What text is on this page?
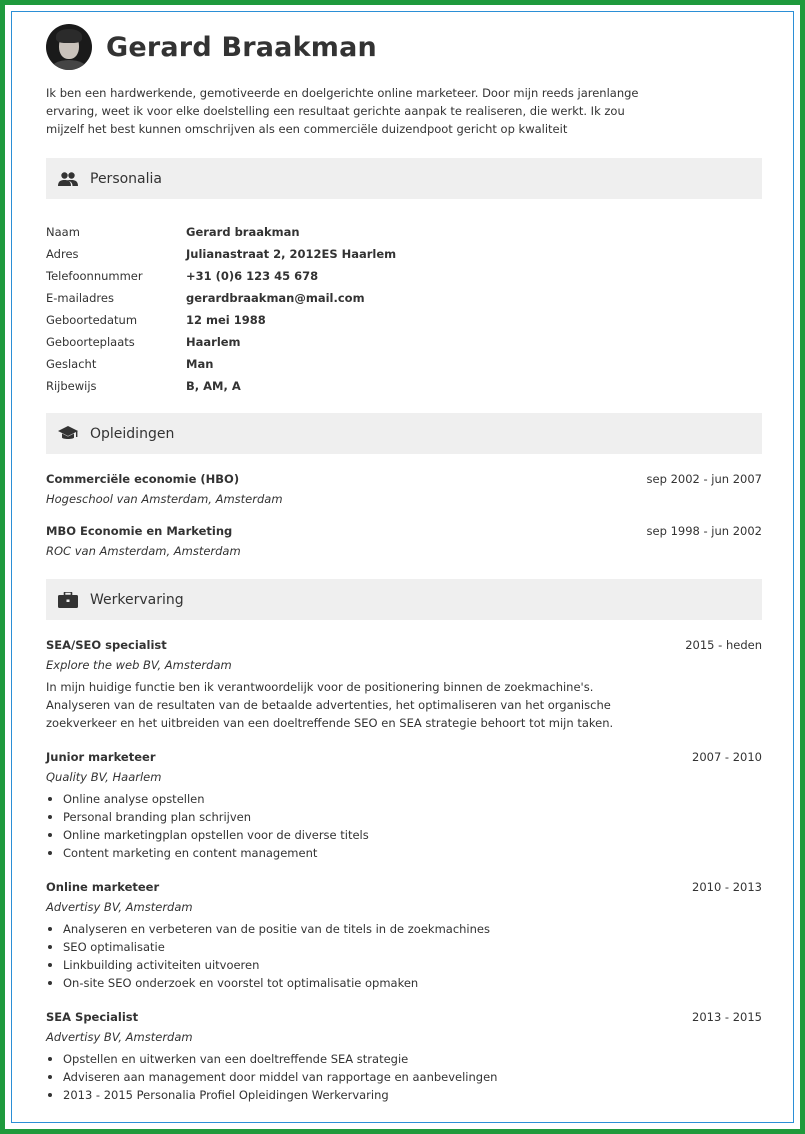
Gerard Braakman

Ik ben een hardwerkende, gemotiveerde en doelgerichte online marketeer. Door mijn reeds jarenlange ervaring, weet ik voor elke doelstelling een resultaat gerichte aanpak te realiseren, die werkt. Ik zou mijzelf het best kunnen omschrijven als een commerciële duizendpoot gericht op kwaliteit

Personalia
Naam	Gerard braakman
Adres	Julianastraat 2, 2012ES Haarlem
Telefoonnummer	+31 (0)6 123 45 678
E-mailadres	gerardbraakman@mail.com
Geboortedatum	12 mei 1988
Geboorteplaats	Haarlem
Geslacht	Man
Rijbewijs	B, AM, A
Opleidingen
Commerciële economie (HBO)	sep 2002 - jun 2007
Hogeschool van Amsterdam, Amsterdam
MBO Economie en Marketing	sep 1998 - jun 2002
ROC van Amsterdam, Amsterdam
Werkervaring
SEA/SEO specialist	2015 - heden
Explore the web BV, Amsterdam

In mijn huidige functie ben ik verantwoordelijk voor de positionering binnen de zoekmachine's. Analyseren van de resultaten van de betaalde advertenties, het optimaliseren van het organische zoekverkeer en het uitbreiden van een doeltreffende SEO en SEA strategie behoort tot mijn taken.

Junior marketeer	2007 - 2010
Quality BV, Haarlem
Online analyse opstellen
Personal branding plan schrijven
Online marketingplan opstellen voor de diverse titels
Content marketing en content management
Online marketeer	2010 - 2013
Advertisy BV, Amsterdam
Analyseren en verbeteren van de positie van de titels in de zoekmachines
SEO optimalisatie
Linkbuilding activiteiten uitvoeren
On-site SEO onderzoek en voorstel tot optimalisatie opmaken
SEA Specialist	2013 - 2015
Advertisy BV, Amsterdam
Opstellen en uitwerken van een doeltreffende SEA strategie
Adviseren aan management door middel van rapportage en aanbevelingen
2013 - 2015 Personalia Profiel Opleidingen Werkervaring
